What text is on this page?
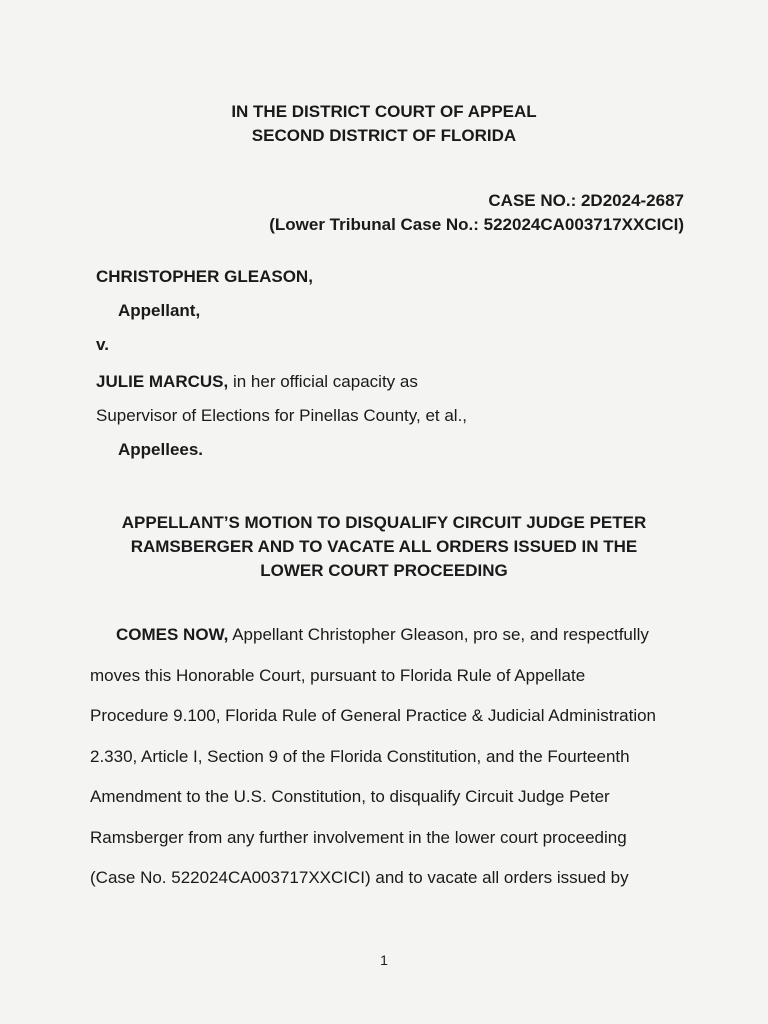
IN THE DISTRICT COURT OF APPEAL
SECOND DISTRICT OF FLORIDA
CASE NO.: 2D2024-2687
(Lower Tribunal Case No.: 522024CA003717XXCICI)
CHRISTOPHER GLEASON,
Appellant,
v.
JULIE MARCUS, in her official capacity as
Supervisor of Elections for Pinellas County, et al.,
Appellees.
APPELLANT’S MOTION TO DISQUALIFY CIRCUIT JUDGE PETER
RAMSBERGER AND TO VACATE ALL ORDERS ISSUED IN THE
LOWER COURT PROCEEDING

COMES NOW, Appellant Christopher Gleason, pro se, and respectfully

moves this Honorable Court, pursuant to Florida Rule of Appellate

Procedure 9.100, Florida Rule of General Practice & Judicial Administration

2.330, Article I, Section 9 of the Florida Constitution, and the Fourteenth

Amendment to the U.S. Constitution, to disqualify Circuit Judge Peter

Ramsberger from any further involvement in the lower court proceeding

(Case No. 522024CA003717XXCICI) and to vacate all orders issued by

1
